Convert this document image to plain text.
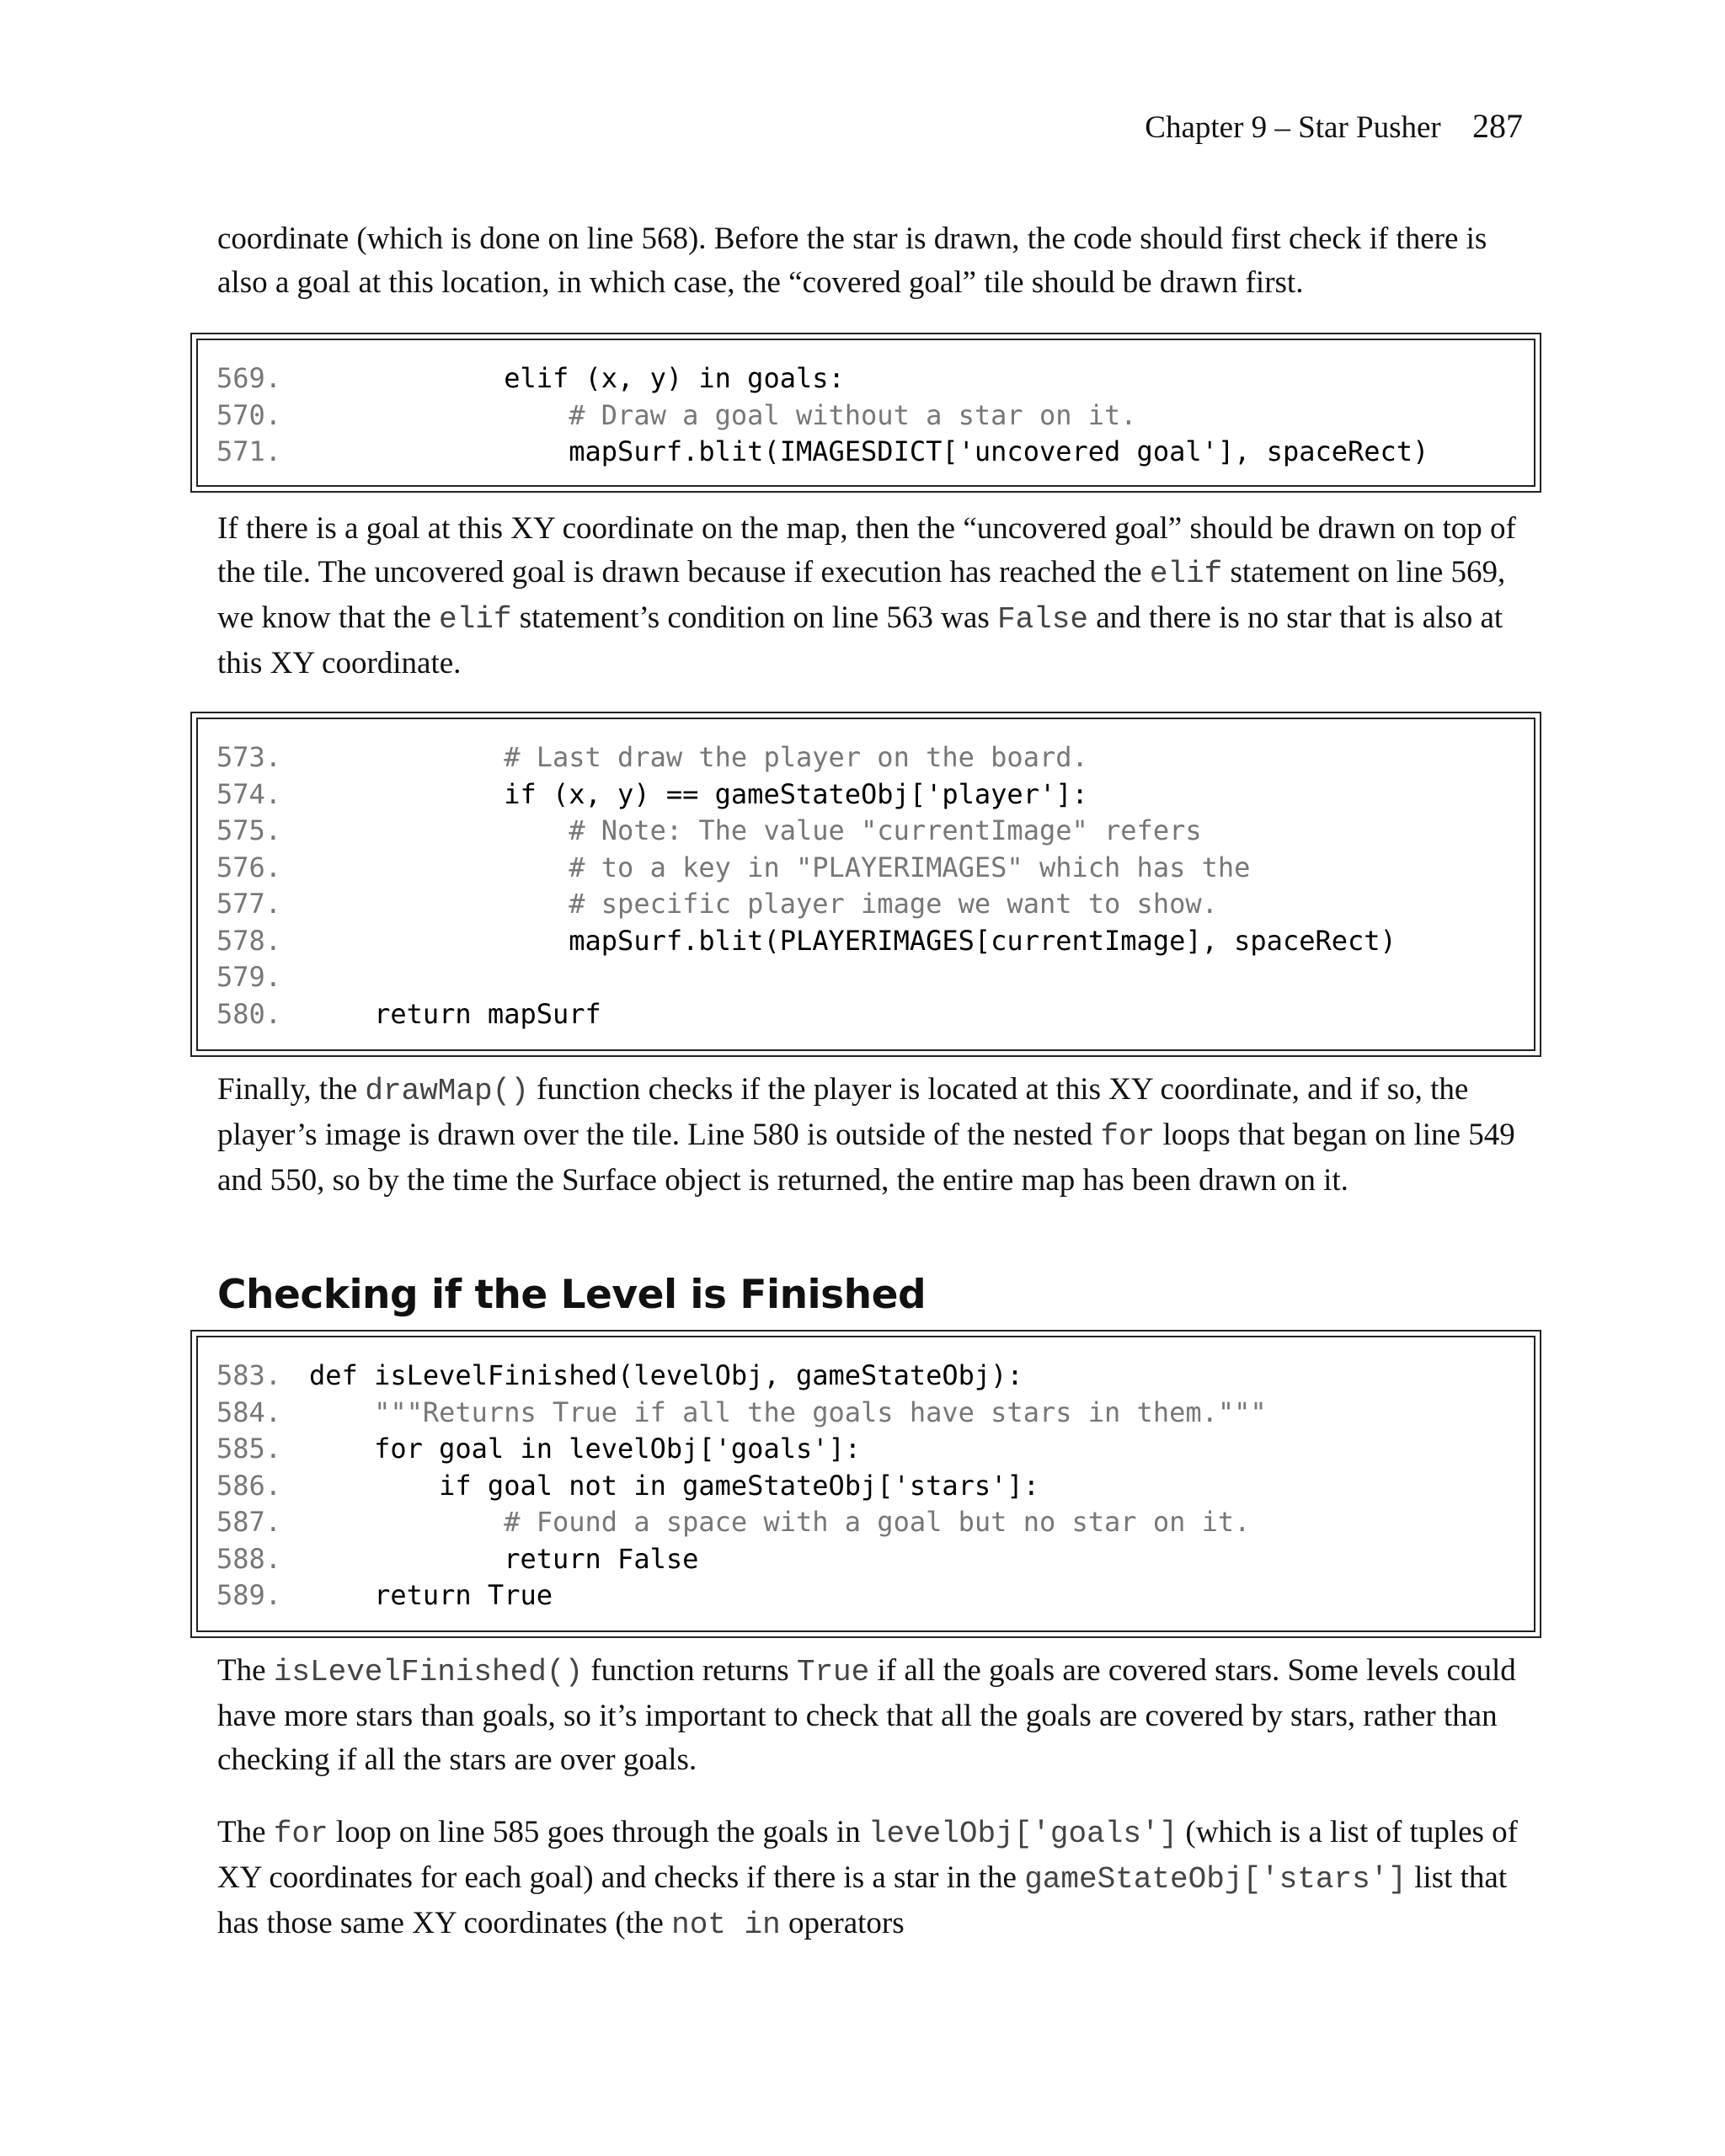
Chapter 9 – Star Pusher 287

coordinate (which is done on line 568). Before the star is drawn, the code should first check if there is also a goal at this location, in which case, the “covered goal” tile should be drawn first.

569.            elif (x, y) in goals:
570.                # Draw a goal without a star on it.
571.                mapSurf.blit(IMAGESDICT['uncovered goal'], spaceRect)

If there is a goal at this XY coordinate on the map, then the “uncovered goal” should be drawn on top of the tile. The uncovered goal is drawn because if execution has reached the elif statement on line 569, we know that the elif statement’s condition on line 563 was False and there is no star that is also at this XY coordinate.

573.            # Last draw the player on the board.
574.            if (x, y) == gameStateObj['player']:
575.                # Note: The value "currentImage" refers
576.                # to a key in "PLAYERIMAGES" which has the
577.                # specific player image we want to show.
578.                mapSurf.blit(PLAYERIMAGES[currentImage], spaceRect)
579.
580.    return mapSurf

Finally, the drawMap() function checks if the player is located at this XY coordinate, and if so, the player’s image is drawn over the tile. Line 580 is outside of the nested for loops that began on line 549 and 550, so by the time the Surface object is returned, the entire map has been drawn on it.

Checking if the Level is Finished
583. def isLevelFinished(levelObj, gameStateObj):
584.    """Returns True if all the goals have stars in them."""
585.    for goal in levelObj['goals']:
586.        if goal not in gameStateObj['stars']:
587.            # Found a space with a goal but no star on it.
588.            return False
589.    return True

The isLevelFinished() function returns True if all the goals are covered stars. Some levels could have more stars than goals, so it’s important to check that all the goals are covered by stars, rather than checking if all the stars are over goals.

The for loop on line 585 goes through the goals in levelObj['goals'] (which is a list of tuples of XY coordinates for each goal) and checks if there is a star in the gameStateObj['stars'] list that has those same XY coordinates (the not in operators
